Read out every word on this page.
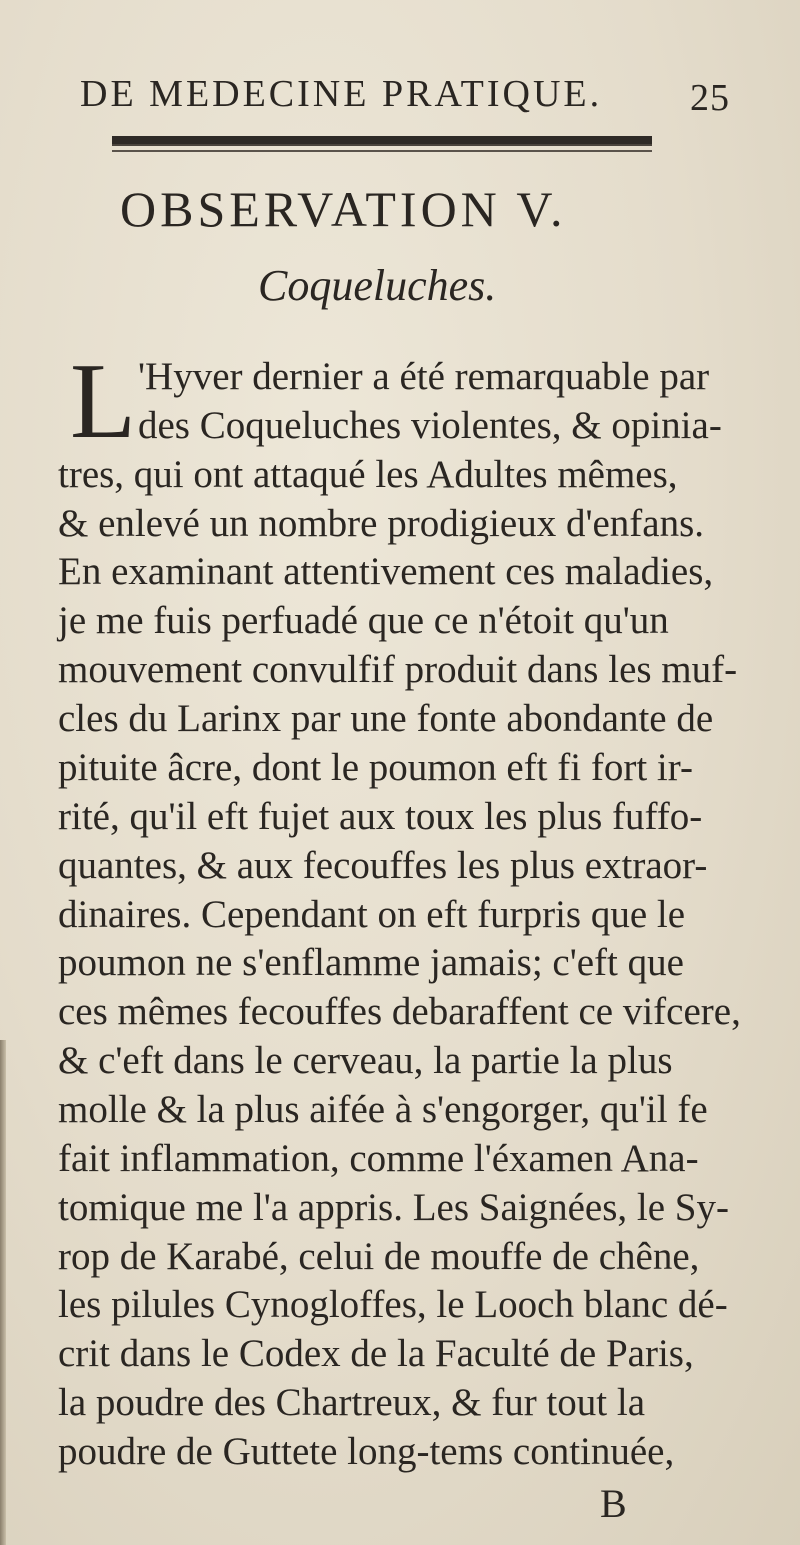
DE MEDECINE PRATIQUE. 25
OBSERVATION V.
Coqueluches.
L 'Hyver dernier a été remarquable par
des Coqueluches violentes, & opinia-
tres, qui ont attaqué les Adultes mêmes,
& enlevé un nombre prodigieux d'enfans.
En examinant attentivement ces maladies,
je me fuis perfuadé que ce n'étoit qu'un
mouvement convulfif produit dans les muf-
cles du Larinx par une fonte abondante de
pituite âcre, dont le poumon eft fi fort ir-
rité, qu'il eft fujet aux toux les plus fuffo-
quantes, & aux fecouffes les plus extraor-
dinaires. Cependant on eft furpris que le
poumon ne s'enflamme jamais; c'eft que
ces mêmes fecouffes debaraffent ce vifcere,
& c'eft dans le cerveau, la partie la plus
molle & la plus aifée à s'engorger, qu'il fe
fait inflammation, comme l'éxamen Ana-
tomique me l'a appris. Les Saignées, le Sy-
rop de Karabé, celui de mouffe de chêne,
les pilules Cynogloffes, le Looch blanc dé-
crit dans le Codex de la Faculté de Paris,
la poudre des Chartreux, & fur tout la
poudre de Guttete long-tems continuée,
B
